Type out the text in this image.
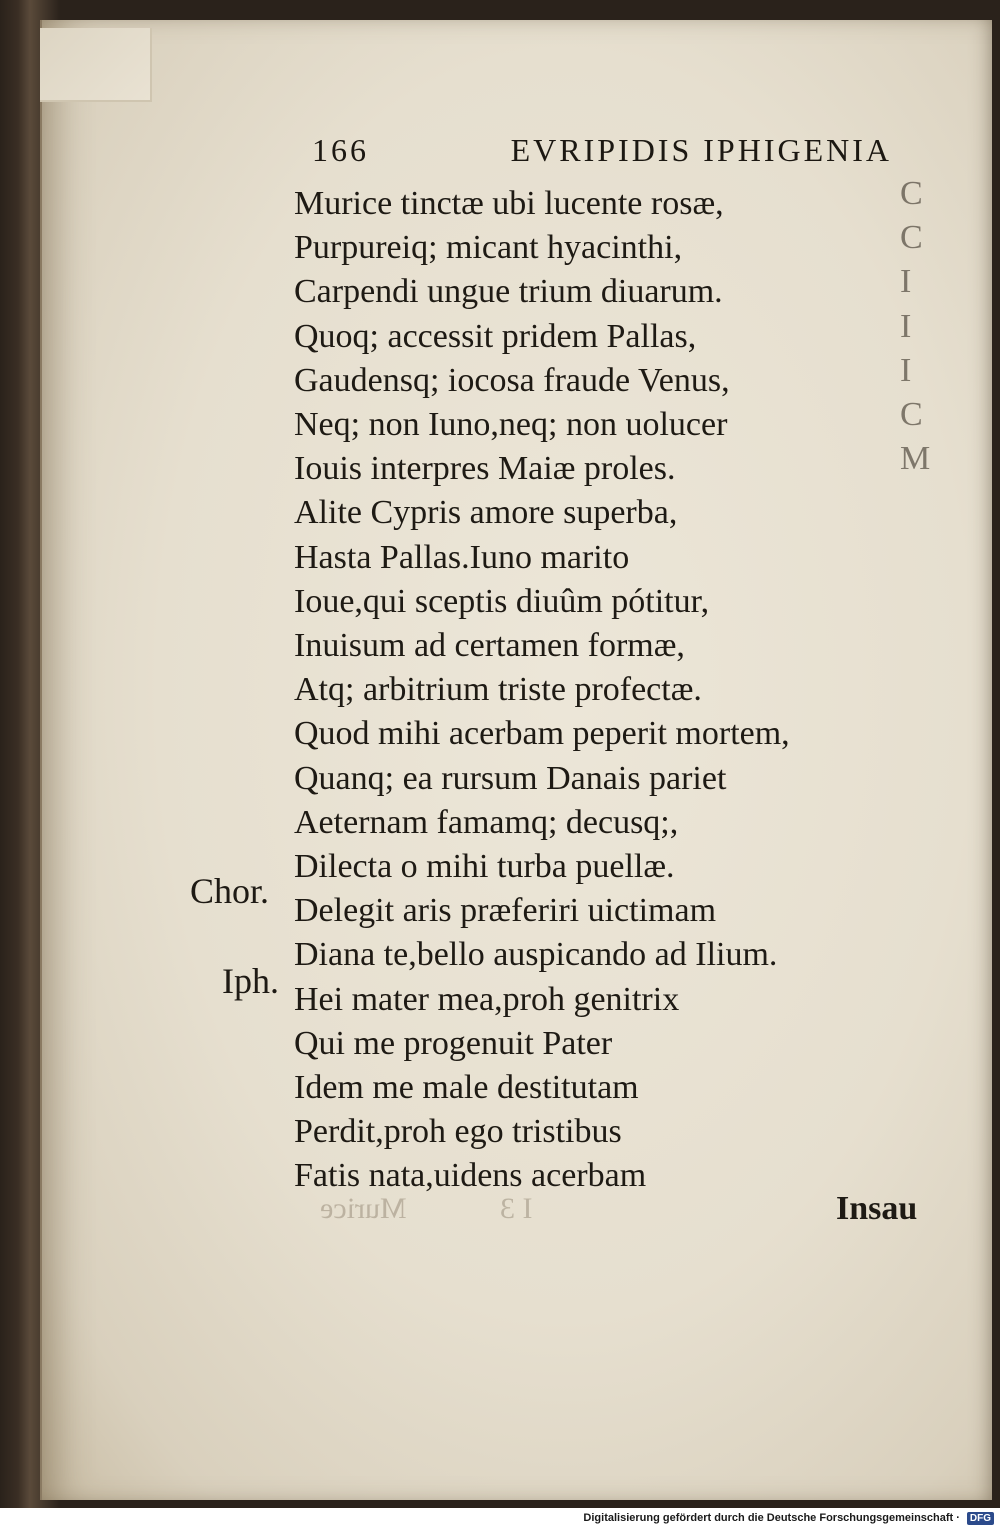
166	EVRIPIDIS IPHIGENIA
Murice tinctæ ubi lucente rosæ,
Purpureiq; micant hyacinthi,
Carpendi ungue trium diuarum.
Quoq; accessit pridem Pallas,
Gaudensq; iocosa fraude Venus,
Neq; non Iuno,neq; non uolucer
Iouis interpres Maiæ proles.
Alite Cypris amore superba,
Hasta Pallas.Iuno marito
Ioue,qui sceptis diuûm pótitur,
Inuisum ad certamen formæ,
Atq; arbitrium triste profectæ.
Quod mihi acerbam peperit mortem,
Quanq; ea rursum Danais pariet
Aeternam famamq; decusq;,
Dilecta o mihi turba puellæ.
Delegit aris præferiri uictimam
Diana te,bello auspicando ad Ilium.
Hei mater mea,proh genitrix
Qui me progenuit Pater
Idem me male destitutam
Perdit,proh ego tristibus
Fatis nata,uidens acerbam
Chor.
Iph.
C
C
I
I
I
C
M
Murice	I 3	Insau
Digitalisierung gefördert durch die Deutsche Forschungsgemeinschaft ·	DFG
